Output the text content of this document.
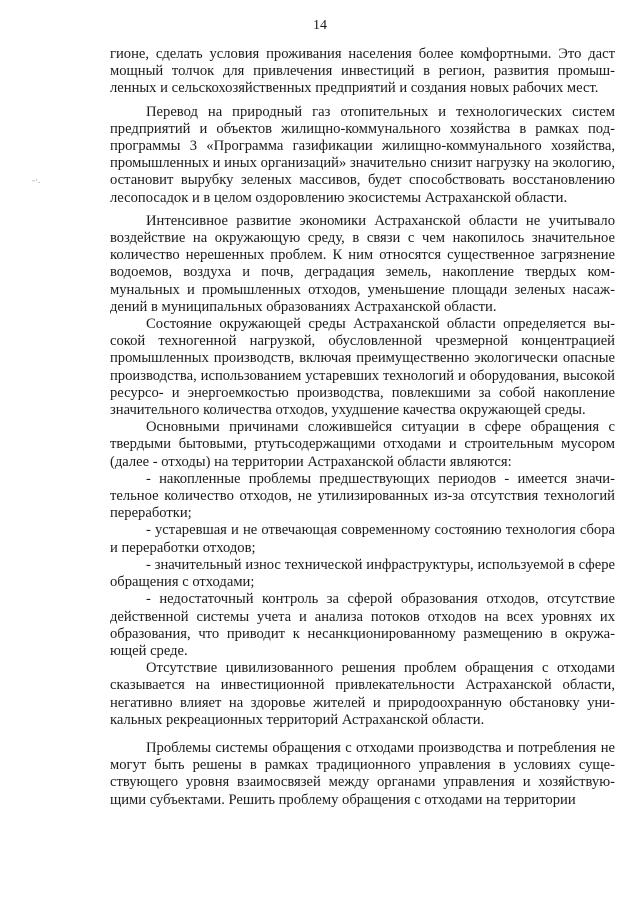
14
-·.

гионе, сделать условия проживания населения более комфортными. Это даст мощный толчок для привлечения инвестиций в регион, развития промышленных и сельскохозяйственных предприятий и создания новых рабочих мест.

Перевод на природный газ отопительных и технологических систем предприятий и объектов жилищно-коммунального хозяйства в рамках подпрограммы 3 «Программа газификации жилищно-коммунального хозяйства, промышленных и иных организаций» значительно снизит нагрузку на экологию, остановит вырубку зеленых массивов, будет способствовать восстановлению лесопосадок и в целом оздоровлению экосистемы Астраханской области.

Интенсивное развитие экономики Астраханской области не учитывало воздействие на окружающую среду, в связи с чем накопилось значительное количество нерешенных проблем. К ним относятся существенное загрязнение водоемов, воздуха и почв, деградация земель, накопление твердых коммунальных и промышленных отходов, уменьшение площади зеленых насаждений в муниципальных образованиях Астраханской области.

Состояние окружающей среды Астраханской области определяется высокой техногенной нагрузкой, обусловленной чрезмерной концентрацией промышленных производств, включая преимущественно экологически опасные производства, использованием устаревших технологий и оборудования, высокой ресурсо- и энергоемкостью производства, повлекшими за собой накопление значительного количества отходов, ухудшение качества окружающей среды.

Основными причинами сложившейся ситуации в сфере обращения с твердыми бытовыми, ртутьсодержащими отходами и строительным мусором (далее - отходы) на территории Астраханской области являются:

- накопленные проблемы предшествующих периодов - имеется значительное количество отходов, не утилизированных из-за отсутствия технологий переработки;

- устаревшая и не отвечающая современному состоянию технология сбора и переработки отходов;

- значительный износ технической инфраструктуры, используемой в сфере обращения с отходами;

- недостаточный контроль за сферой образования отходов, отсутствие действенной системы учета и анализа потоков отходов на всех уровнях их образования, что приводит к несанкционированному размещению в окружающей среде.

Отсутствие цивилизованного решения проблем обращения с отходами сказывается на инвестиционной привлекательности Астраханской области, негативно влияет на здоровье жителей и природоохранную обстановку уникальных рекреационных территорий Астраханской области.

Проблемы системы обращения с отходами производства и потребления не могут быть решены в рамках традиционного управления в условиях существующего уровня взаимосвязей между органами управления и хозяйствующими субъектами. Решить проблему обращения с отходами на территории
